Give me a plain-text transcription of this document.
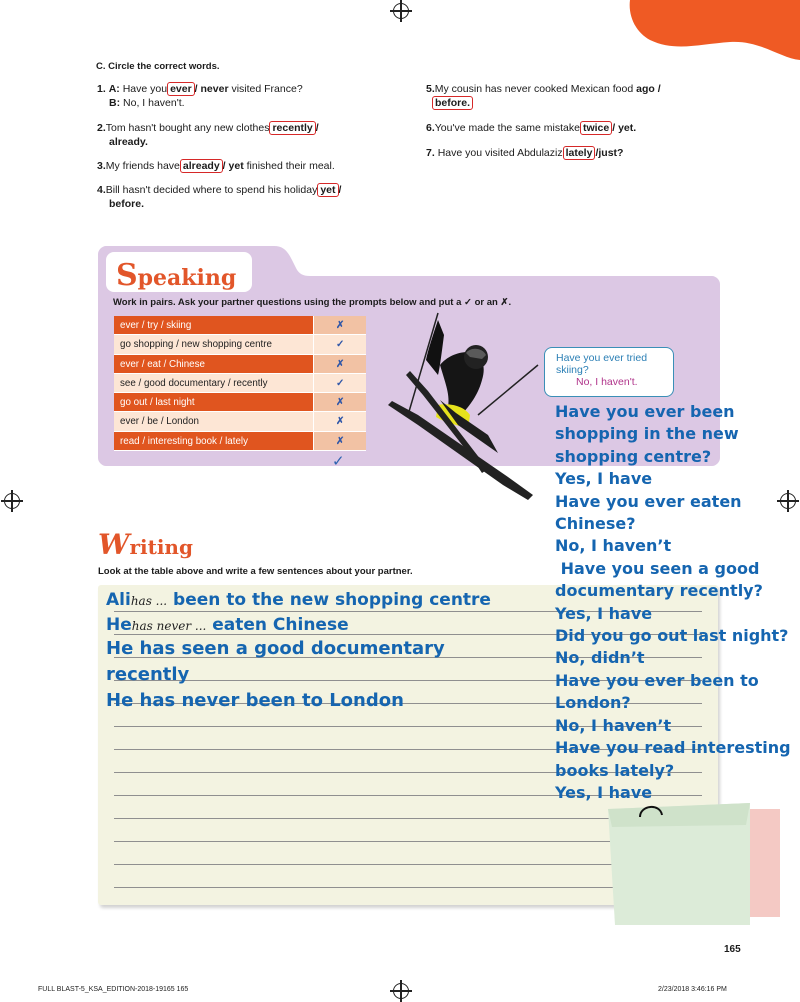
C. Circle the correct words.
1. A: Have you ever / never visited France?
B: No, I haven't.
2.Tom hasn't bought any new clothes recently /
already.
3.My friends have already / yet finished their meal.
4.Bill hasn't decided where to spend his holiday yet /
before.
5.My cousin has never cooked Mexican food ago /
before.
6.You've made the same mistake twice / yet.
7. Have you visited Abdulaziz lately /just?
Speaking
Work in pairs. Ask your partner questions using the prompts below and put a ✓ or an ✗.
ever / try / skiing	✗
go shopping / new shopping centre	✓
ever / eat / Chinese	✗
see / good documentary / recently	✓
go out / last night	✗
ever / be / London	✗
read / interesting book / lately	✗
✓
Have you ever tried skiing?
No, I haven't.
Writing
Look at the table above and write a few sentences about your partner.
Alihas ... been to the new shopping centre
Hehas never ... eaten Chinese
He has seen a good documentary
recently
He has never been to London
Have you ever been
shopping in the new
shopping centre?
Yes, I have
Have you ever eaten
Chinese?
No, I haven’t
Have you seen a good
documentary recently?
Yes, I have
Did you go out last night?
No, didn’t
Have you ever been to
London?
No, I haven’t
Have you read interesting
books lately?
Yes, I have
165
FULL BLAST-5_KSA_EDITION-2018-19165 165	2/23/2018 3:46:16 PM
